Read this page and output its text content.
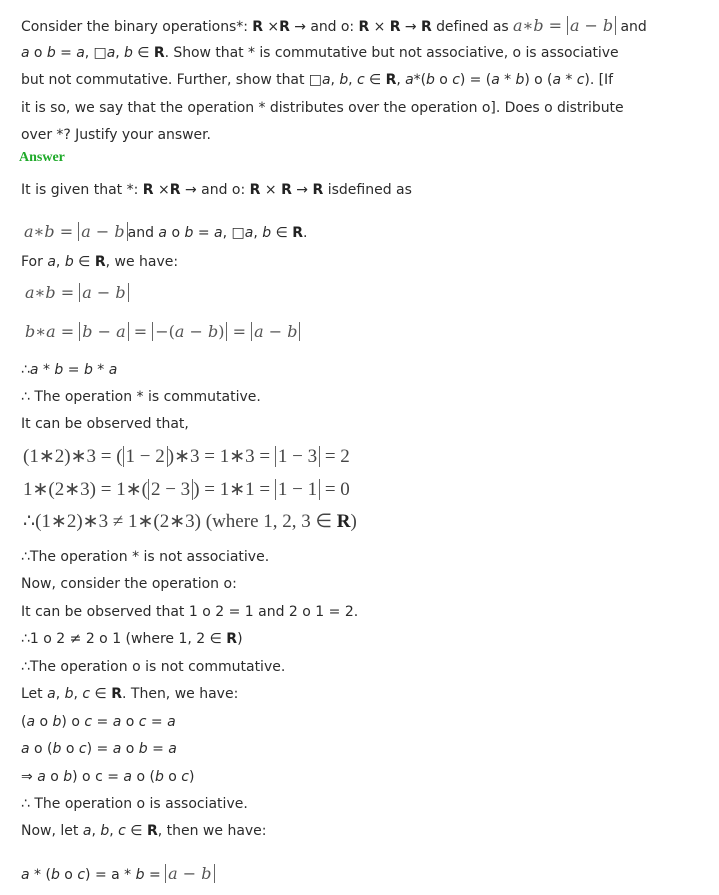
Consider the binary operations*: R ×R → and o: R × R → R defined as a∗b = a − b and
a o b = a, □a, b ∈ R. Show that * is commutative but not associative, o is associative
but not commutative. Further, show that □a, b, c ∈ R, a*(b o c) = (a * b) o (a * c). [If
it is so, we say that the operation * distributes over the operation o]. Does o distribute
over *? Justify your answer.
Answer
It is given that *: R ×R → and o: R × R → R isdefined as
a∗b = a − b and a o b = a, □a, b ∈ R.
For a, b ∈ R, we have:
a∗b = a − b
b∗a = b − a = −(a − b) = a − b
∴a * b = b * a
∴ The operation * is commutative.
It can be observed that,
(1∗2)∗3 = ( 1 − 2 )∗3 = 1∗3 = 1 − 3 = 2
1∗(2∗3) = 1∗( 2 − 3 ) = 1∗1 = 1 − 1 = 0
∴(1∗2)∗3 ≠ 1∗(2∗3) (where 1, 2, 3 ∈ R)
∴The operation * is not associative.
Now, consider the operation o:
It can be observed that 1 o 2 = 1 and 2 o 1 = 2.
∴1 o 2 ≠ 2 o 1 (where 1, 2 ∈ R)
∴The operation o is not commutative.
Let a, b, c ∈ R. Then, we have:
(a o b) o c = a o c = a
a o (b o c) = a o b = a
⇒ a o b) o c = a o (b o c)
∴ The operation o is associative.
Now, let a, b, c ∈ R, then we have:
a * (b o c) = a * b = a − b
